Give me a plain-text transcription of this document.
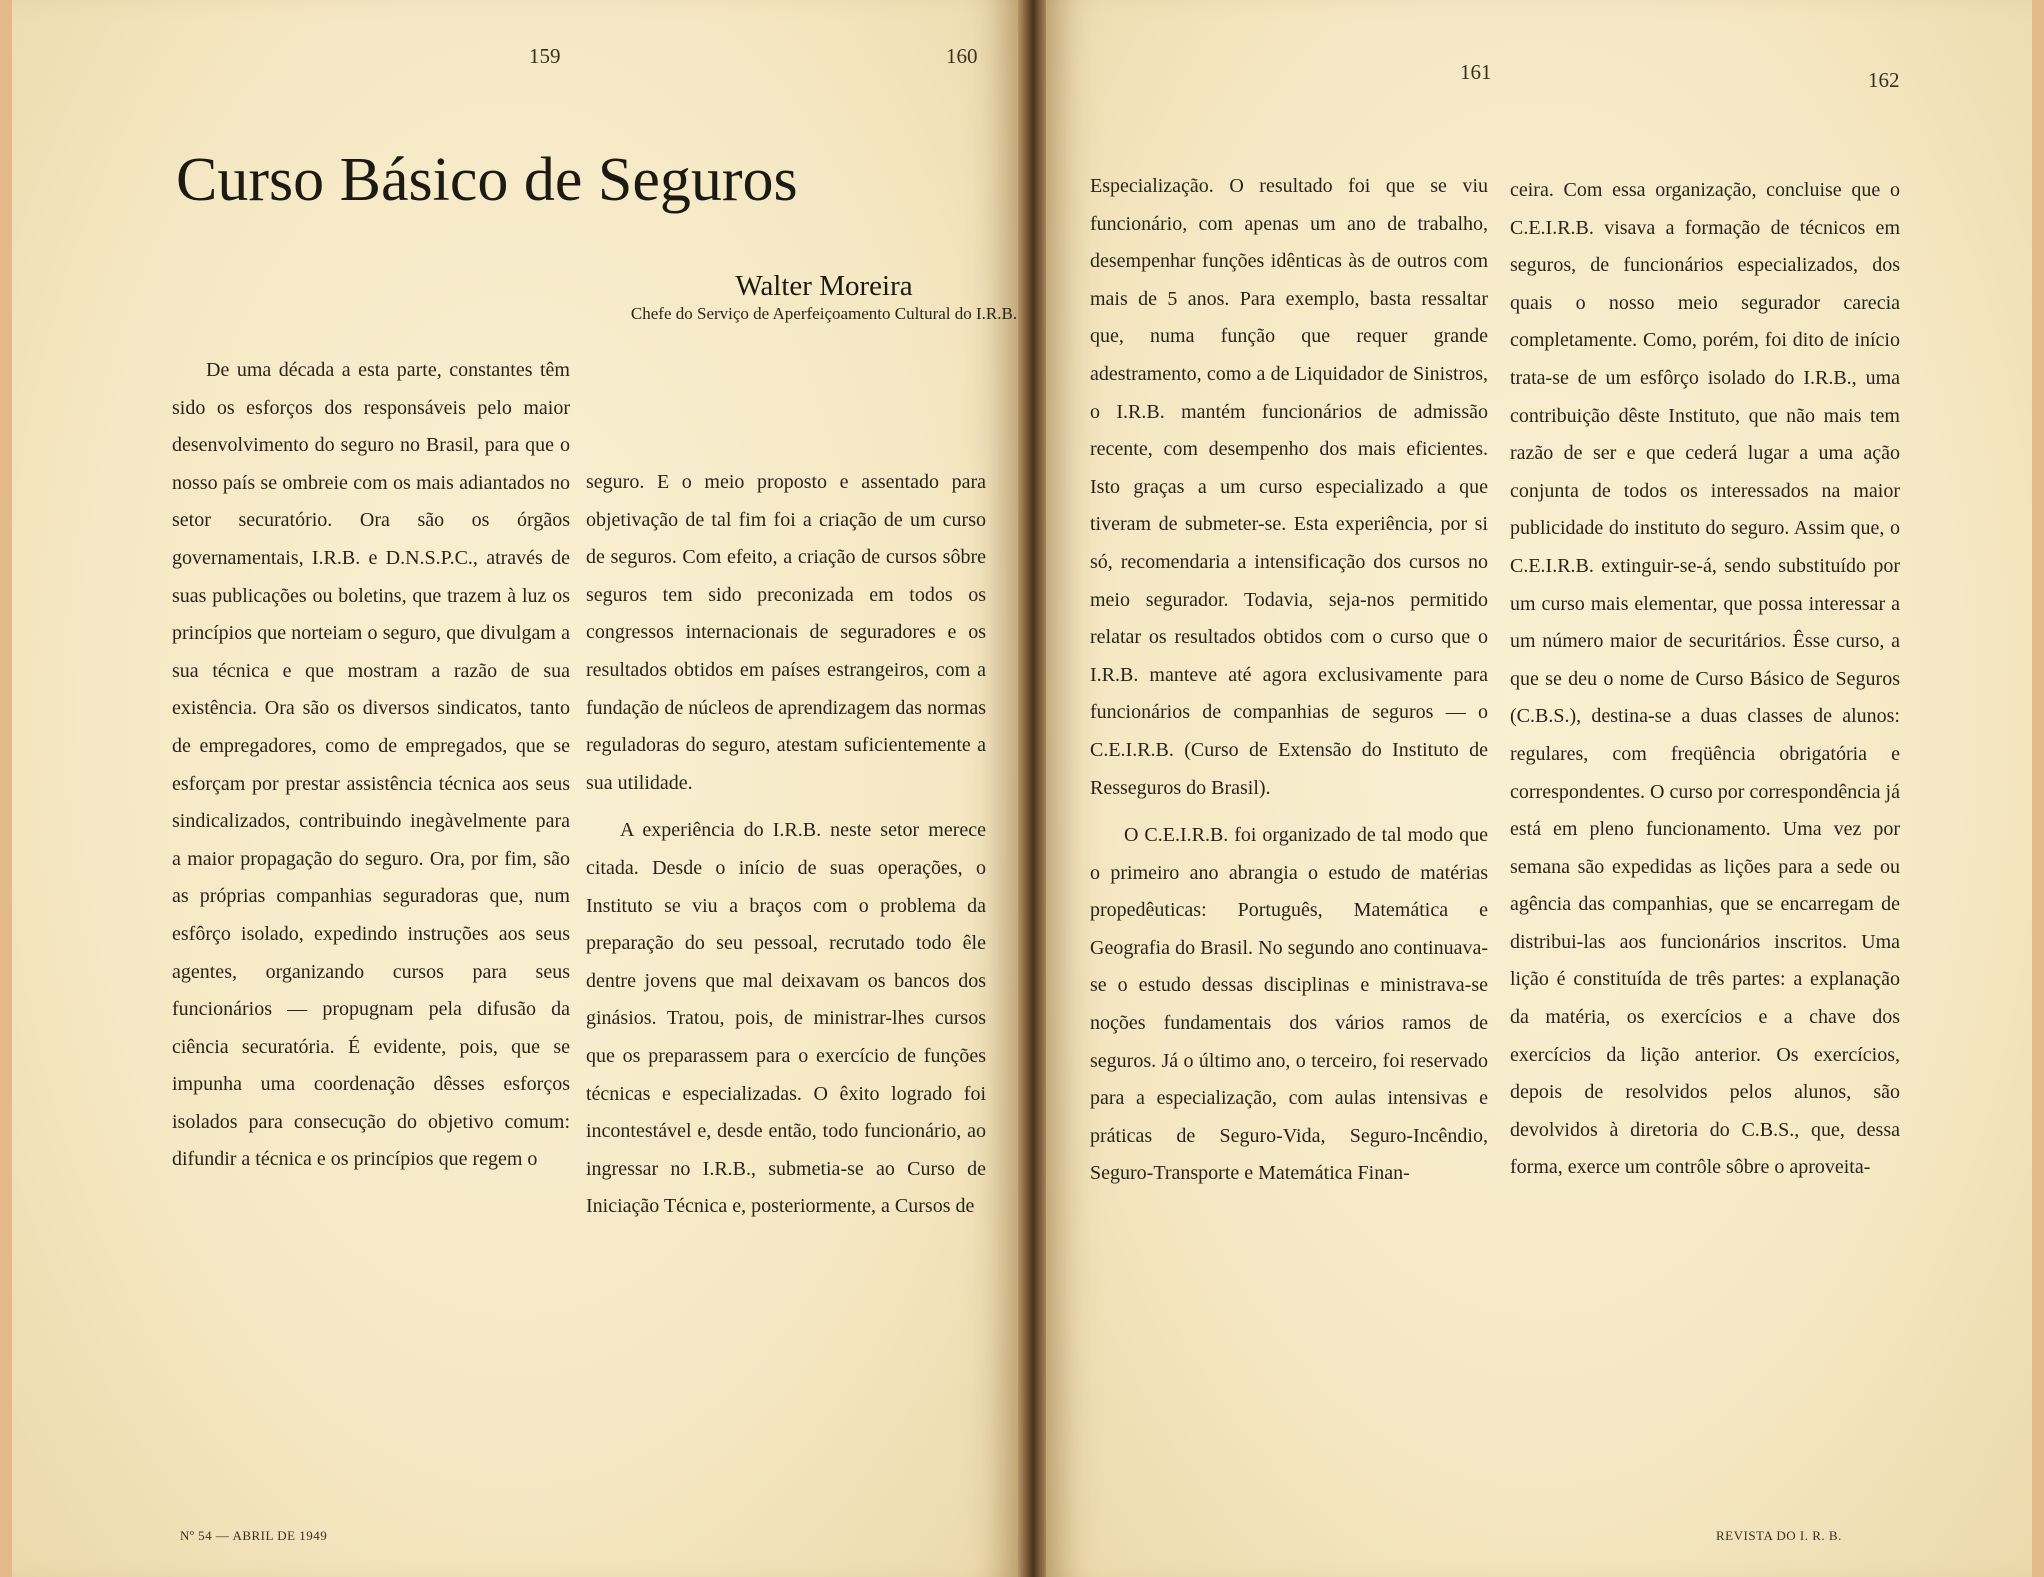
159	160
Curso Básico de Seguros
Walter Moreira
Chefe do Serviço de Aperfeiçoamento Cultural do I.R.B.

De uma década a esta parte, constantes têm sido os esforços dos responsáveis pelo maior desenvolvimento do seguro no Brasil, para que o nosso país se ombreie com os mais adiantados no setor securatório. Ora são os órgãos governamentais, I.R.B. e D.N.S.P.C., através de suas publicações ou boletins, que trazem à luz os princípios que norteiam o seguro, que divulgam a sua técnica e que mostram a razão de sua existência. Ora são os diversos sindicatos, tanto de empregadores, como de empregados, que se esforçam por prestar assistência técnica aos seus sindicalizados, contribuindo inegàvelmente para a maior propagação do seguro. Ora, por fim, são as próprias companhias seguradoras que, num esfôrço isolado, expedindo instruções aos seus agentes, organizando cursos para seus funcionários — propugnam pela difusão da ciência securatória. É evidente, pois, que se impunha uma coordenação dêsses esforços isolados para consecução do objetivo comum: difundir a técnica e os princípios que regem o

seguro. E o meio proposto e assentado para objetivação de tal fim foi a criação de um curso de seguros. Com efeito, a criação de cursos sôbre seguros tem sido preconizada em todos os congressos internacionais de seguradores e os resultados obtidos em países estrangeiros, com a fundação de núcleos de aprendizagem das normas reguladoras do seguro, atestam suficientemente a sua utilidade.

A experiência do I.R.B. neste setor merece citada. Desde o início de suas operações, o Instituto se viu a braços com o problema da preparação do seu pessoal, recrutado todo êle dentre jovens que mal deixavam os bancos dos ginásios. Tratou, pois, de ministrar-lhes cursos que os preparassem para o exercício de funções técnicas e especializadas. O êxito logrado foi incontestável e, desde então, todo funcionário, ao ingressar no I.R.B., submetia-se ao Curso de Iniciação Técnica e, posteriormente, a Cursos de

Nº 54 — ABRIL DE 1949
161	162

Especialização. O resultado foi que se viu funcionário, com apenas um ano de trabalho, desempenhar funções idênticas às de outros com mais de 5 anos. Para exemplo, basta ressaltar que, numa função que requer grande adestramento, como a de Liquidador de Sinistros, o I.R.B. mantém funcionários de admissão recente, com desempenho dos mais eficientes. Isto graças a um curso especializado a que tiveram de submeter-se. Esta experiência, por si só, recomendaria a intensificação dos cursos no meio segurador. Todavia, seja-nos permitido relatar os resultados obtidos com o curso que o I.R.B. manteve até agora exclusivamente para funcionários de companhias de seguros — o C.E.I.R.B. (Curso de Extensão do Instituto de Resseguros do Brasil).

O C.E.I.R.B. foi organizado de tal modo que o primeiro ano abrangia o estudo de matérias propedêuticas: Português, Matemática e Geografia do Brasil. No segundo ano continuava-se o estudo dessas disciplinas e ministrava-se noções fundamentais dos vários ramos de seguros. Já o último ano, o terceiro, foi reservado para a especialização, com aulas intensivas e práticas de Seguro-Vida, Seguro-Incêndio, Seguro-Transporte e Matemática Finan-

ceira. Com essa organização, concluise que o C.E.I.R.B. visava a formação de técnicos em seguros, de funcionários especializados, dos quais o nosso meio segurador carecia completamente. Como, porém, foi dito de início trata-se de um esfôrço isolado do I.R.B., uma contribuição dêste Instituto, que não mais tem razão de ser e que cederá lugar a uma ação conjunta de todos os interessados na maior publicidade do instituto do seguro. Assim que, o C.E.I.R.B. extinguir-se-á, sendo substituído por um curso mais elementar, que possa interessar a um número maior de securitários. Êsse curso, a que se deu o nome de Curso Básico de Seguros (C.B.S.), destina-se a duas classes de alunos: regulares, com freqüência obrigatória e correspondentes. O curso por correspondência já está em pleno funcionamento. Uma vez por semana são expedidas as lições para a sede ou agência das companhias, que se encarregam de distribui-las aos funcionários inscritos. Uma lição é constituída de três partes: a explanação da matéria, os exercícios e a chave dos exercícios da lição anterior. Os exercícios, depois de resolvidos pelos alunos, são devolvidos à diretoria do C.B.S., que, dessa forma, exerce um contrôle sôbre o aproveita-

REVISTA DO I. R. B.
